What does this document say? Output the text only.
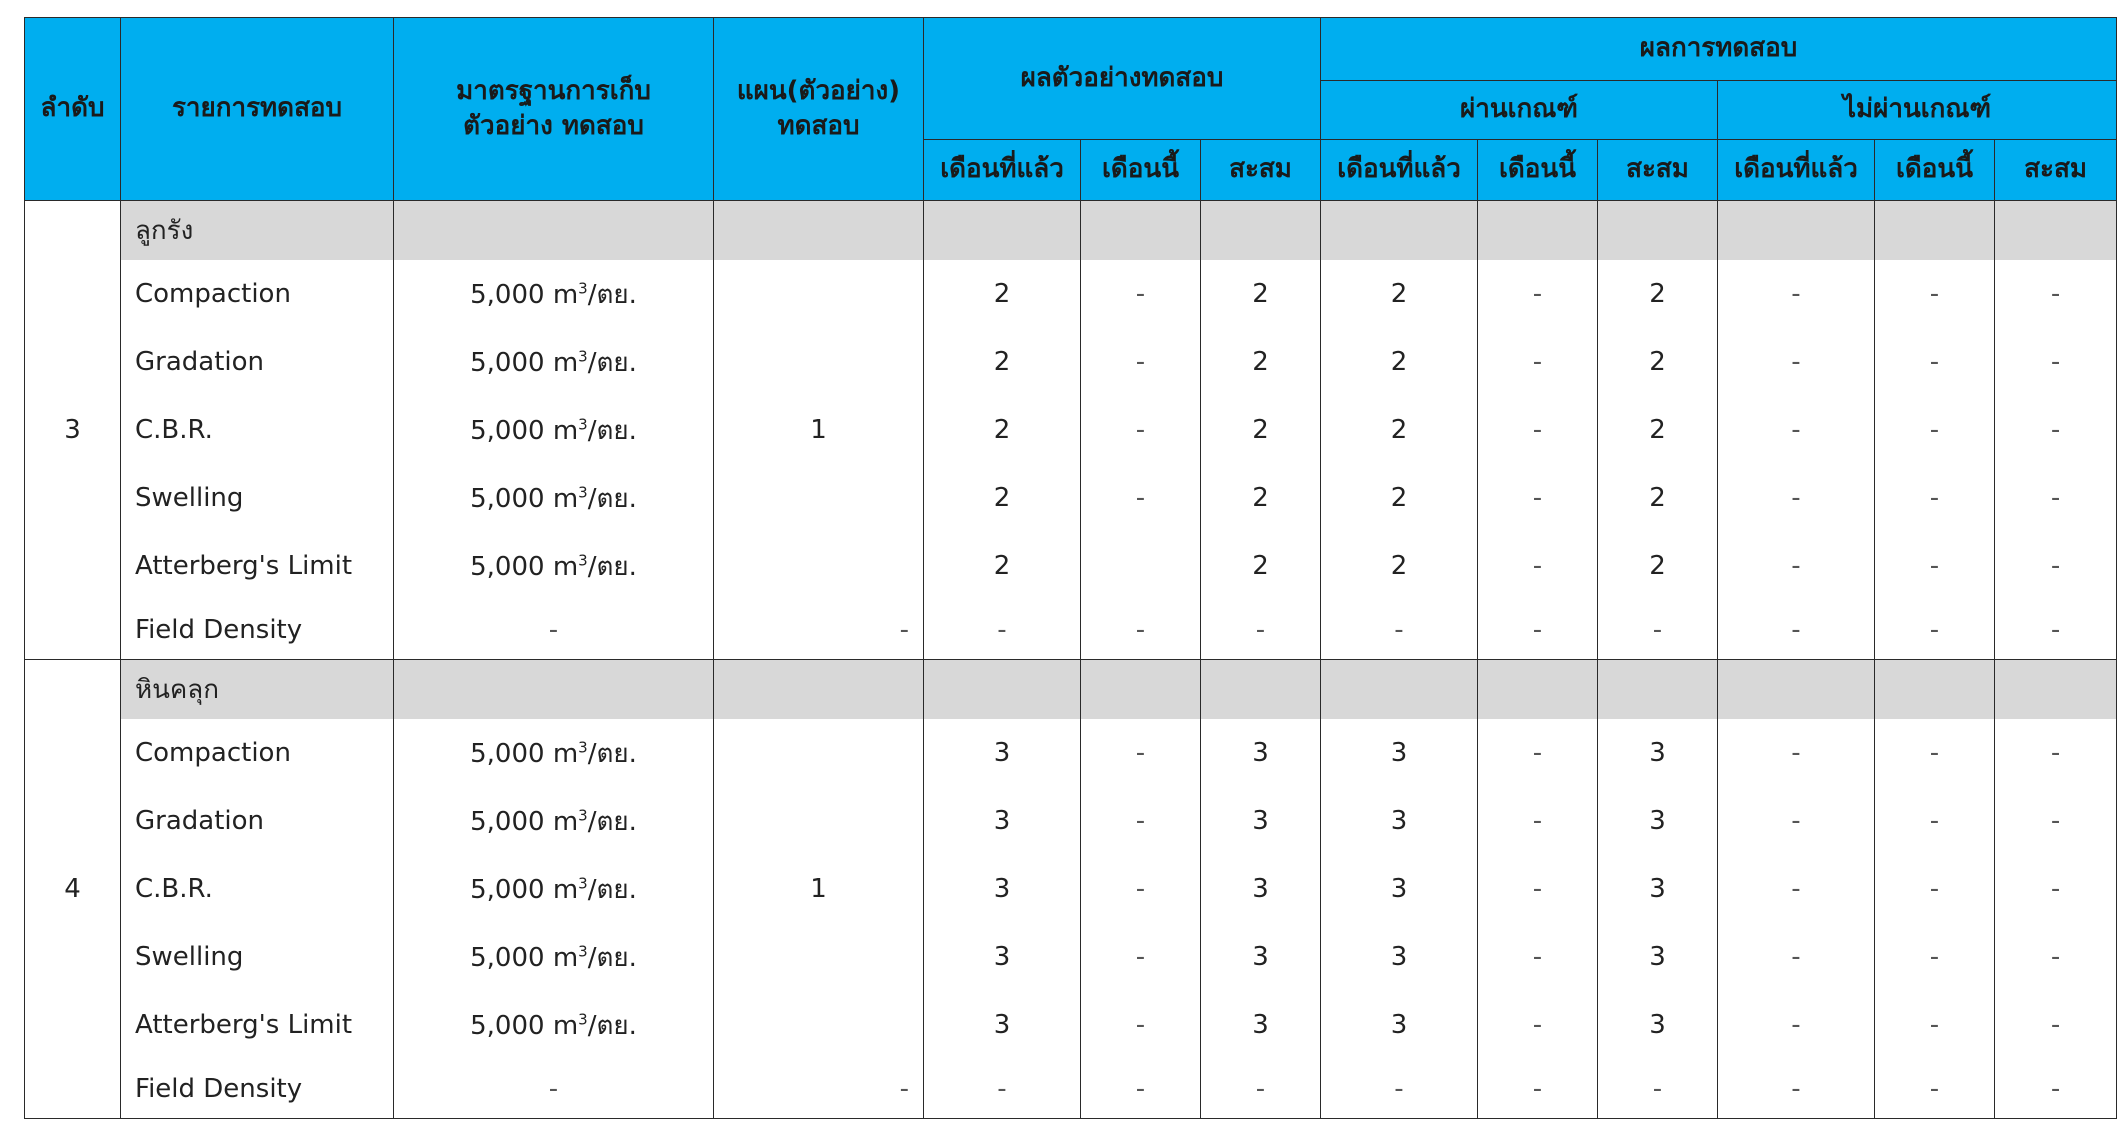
ลำดับ	รายการทดสอบ	มาตรฐานการเก็บตัวอย่าง ทดสอบ	แผน(ตัวอย่าง) ทดสอบ	ผลตัวอย่างทดสอบ			ผลการทดสอบ					
							ผ่านเกณฑ์			ไม่ผ่านเกณฑ์		
				เดือนที่แล้ว	เดือนนี้	สะสม	เดือนที่แล้ว	เดือนนี้	สะสม	เดือนที่แล้ว	เดือนนี้	สะสม
3	ลูกรัง											
	Compaction	5,000 $m^3/$ตย.	1	2	-	2	2	-	2	-	-	-
	Gradation	5,000 $m^3/$ตย.		2	-	2	2	-	2	-	-	-
	C.B.R.	5,000 $m^3/$ตย.		2	-	2	2	-	2	-	-	-
	Swelling	5,000 $m^3/$ตย.		2	-	2	2	-	2	-	-	-
	Atterberg's Limit	5,000 $m^3/$ตย.		2		2	2	-	2	-	-	-
	Field Density	-	-	-	-	-	-	-	-	-	-	-
4	หินคลุก											
	Compaction	5,000 $m^3/$ตย.	1	3	-	3	3	-	3	-	-	-
	Gradation	5,000 $m^3/$ตย.		3	-	3	3	-	3	-	-	-
	C.B.R.	5,000 $m^3/$ตย.		3	-	3	3	-	3	-	-	-
	Swelling	5,000 $m^3/$ตย.		3	-	3	3	-	3	-	-	-
	Atterberg's Limit	5,000 $m^3/$ตย.		3	-	3	3	-	3	-	-	-
	Field Density	-	-	-	-	-	-	-	-	-	-	-
